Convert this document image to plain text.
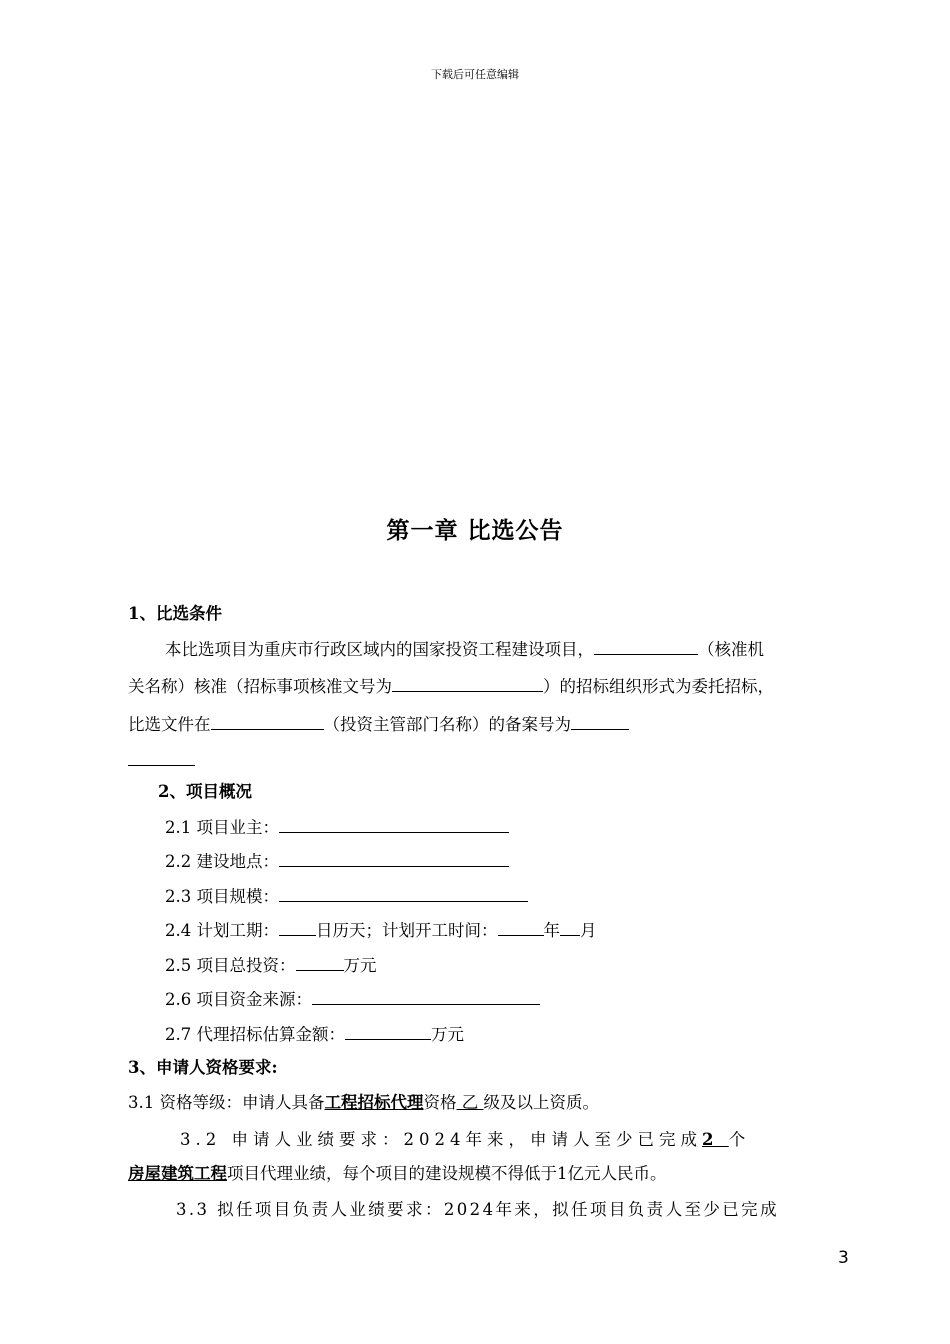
下载后可任意编辑
第一章 比选公告
1、比选条件
本比选项目为重庆市行政区域内的国家投资工程建设项目，	（核准机
关名称）核准（招标事项核准文号为	）的招标组织形式为委托招标，
比选文件在	（投资主管部门名称）的备案号为
2、项目概况
2.1 项目业主：
2.2 建设地点：
2.3 项目规模：
2.4 计划工期： 日历天；计划开工时间：	年 月
2.5 项目总投资：	万元
2.6 项目资金来源：
2.7 代理招标估算金额：	万元
3、申请人资格要求:
3.1 资格等级：申请人具备工程招标代理资格 乙 级及以上资质。
3.2 申请人业绩要求：2024年来，申请人至少已完成2 个
房屋建筑工程项目代理业绩，每个项目的建设规模不得低于1亿元人民币。
3.3 拟任项目负责人业绩要求：2024年来，拟任项目负责人至少已完成
3
